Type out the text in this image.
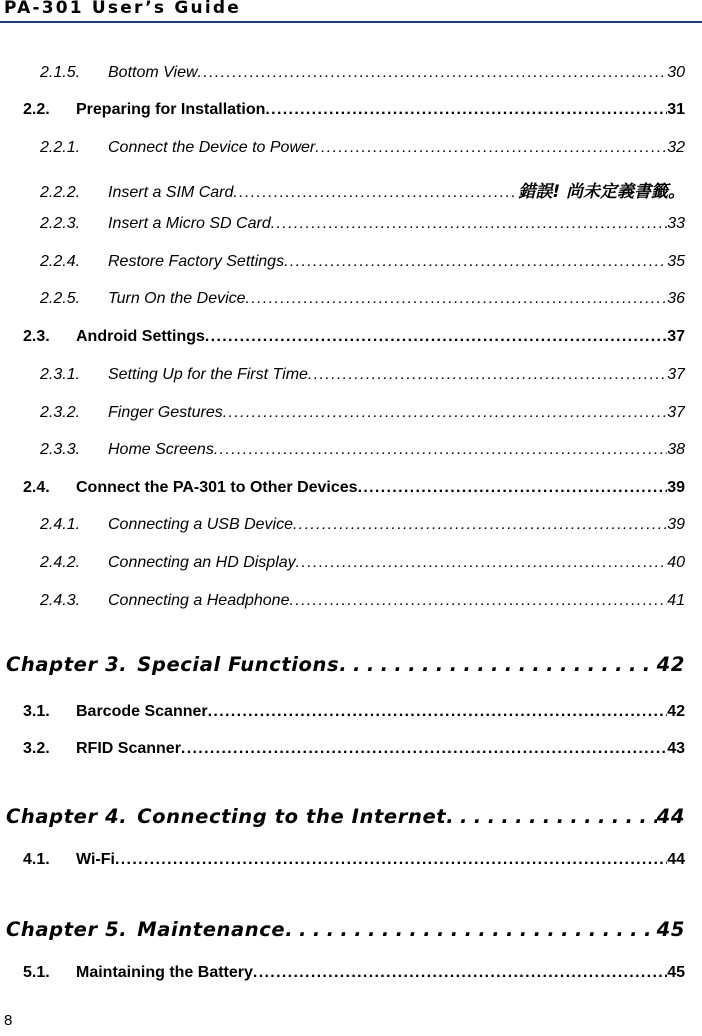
PA-301 User’s Guide
2.1.5.	Bottom View . . .	30
2.2.	Preparing for Installation . . .	31
2.2.1.	Connect the Device to Power . . .	32
2.2.2.	Insert a SIM Card . . .	錯誤! 尚未定義書籤。
2.2.3.	Insert a Micro SD Card . . .	33
2.2.4.	Restore Factory Settings . . .	35
2.2.5.	Turn On the Device . . .	36
2.3.	Android Settings . . .	37
2.3.1.	Setting Up for the First Time . . .	37
2.3.2.	Finger Gestures . . .	37
2.3.3.	Home Screens . . .	38
2.4.	Connect the PA-301 to Other Devices . . .	39
2.4.1.	Connecting a USB Device . . .	39
2.4.2.	Connecting an HD Display . . .	40
2.4.3.	Connecting a Headphone . . .	41
Chapter 3. Special Functions . . .	42
3.1.	Barcode Scanner . . .	42
3.2.	RFID Scanner . . .	43
Chapter 4. Connecting to the Internet . . .	44
4.1.	Wi-Fi . . .	44
Chapter 5. Maintenance . . .	45
5.1.	Maintaining the Battery . . .	45
8
